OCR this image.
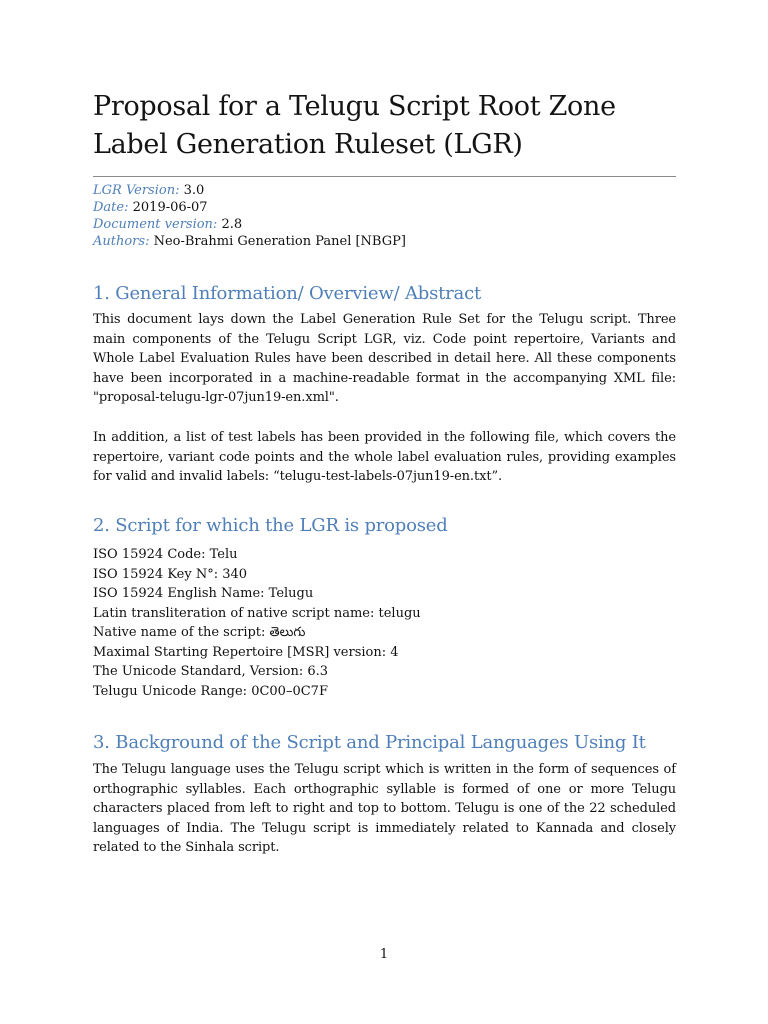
Proposal for a Telugu Script Root Zone Label Generation Ruleset (LGR)

LGR Version: 3.0

Date: 2019-06-07

Document version: 2.8

Authors: Neo-Brahmi Generation Panel [NBGP]

1. General Information/ Overview/ Abstract

This document lays down the Label Generation Rule Set for the Telugu script. Three main components of the Telugu Script LGR, viz. Code point repertoire, Variants and Whole Label Evaluation Rules have been described in detail here. All these components have been incorporated in a machine-readable format in the accompanying XML file: "proposal-telugu-lgr-07jun19-en.xml".

In addition, a list of test labels has been provided in the following file, which covers the repertoire, variant code points and the whole label evaluation rules, providing examples for valid and invalid labels: “telugu-test-labels-07jun19-en.txt”.

2. Script for which the LGR is proposed

ISO 15924 Code: Telu

ISO 15924 Key N°: 340

ISO 15924 English Name: Telugu

Latin transliteration of native script name: telugu

Native name of the script: తెలుగు

Maximal Starting Repertoire [MSR] version: 4

The Unicode Standard, Version: 6.3

Telugu Unicode Range: 0C00–0C7F

3. Background of the Script and Principal Languages Using It

The Telugu language uses the Telugu script which is written in the form of sequences of orthographic syllables. Each orthographic syllable is formed of one or more Telugu characters placed from left to right and top to bottom. Telugu is one of the 22 scheduled languages of India. The Telugu script is immediately related to Kannada and closely related to the Sinhala script.

1
